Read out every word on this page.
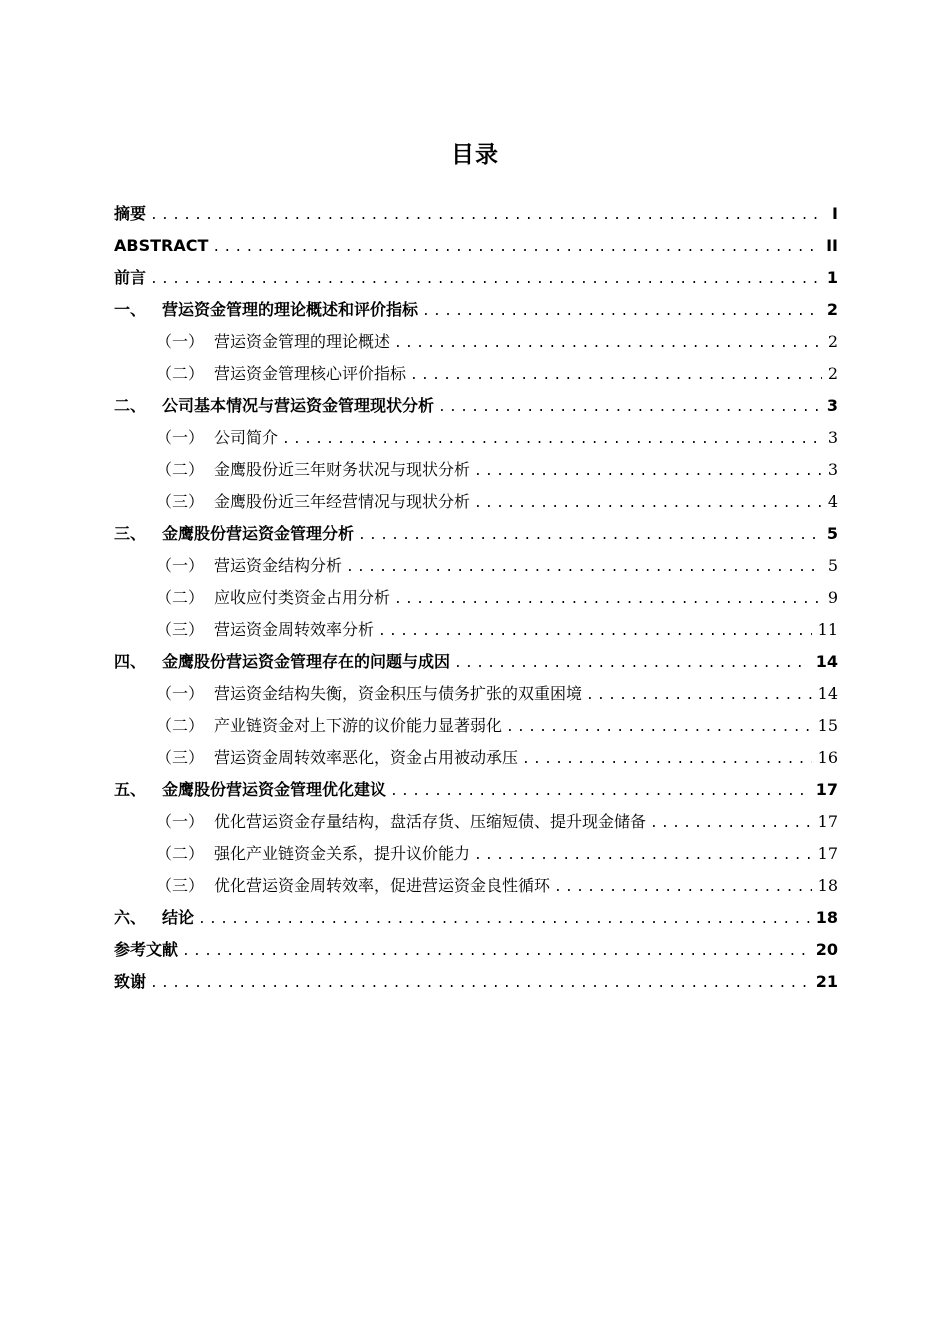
目录
摘要 .....	I
ABSTRACT .....	II
前言 .....	1
一、 营运资金管理的理论概述和评价指标 .....	2
（一） 营运资金管理的理论概述 .....	2
（二） 营运资金管理核心评价指标 .....	2
二、 公司基本情况与营运资金管理现状分析 .....	3
（一） 公司简介 .....	3
（二） 金鹰股份近三年财务状况与现状分析 .....	3
（三） 金鹰股份近三年经营情况与现状分析 .....	4
三、 金鹰股份营运资金管理分析 .....	5
（一） 营运资金结构分析 .....	5
（二） 应收应付类资金占用分析 .....	9
（三） 营运资金周转效率分析 .....	11
四、 金鹰股份营运资金管理存在的问题与成因 .....	14
（一） 营运资金结构失衡，资金积压与债务扩张的双重困境 .....	14
（二） 产业链资金对上下游的议价能力显著弱化 .....	15
（三） 营运资金周转效率恶化，资金占用被动承压 .....	16
五、 金鹰股份营运资金管理优化建议 .....	17
（一） 优化营运资金存量结构，盘活存货、压缩短债、提升现金储备 .....	17
（二） 强化产业链资金关系，提升议价能力 .....	17
（三） 优化营运资金周转效率，促进营运资金良性循环 .....	18
六、 结论 .....	18
参考文献 .....	20
致谢 .....	21
